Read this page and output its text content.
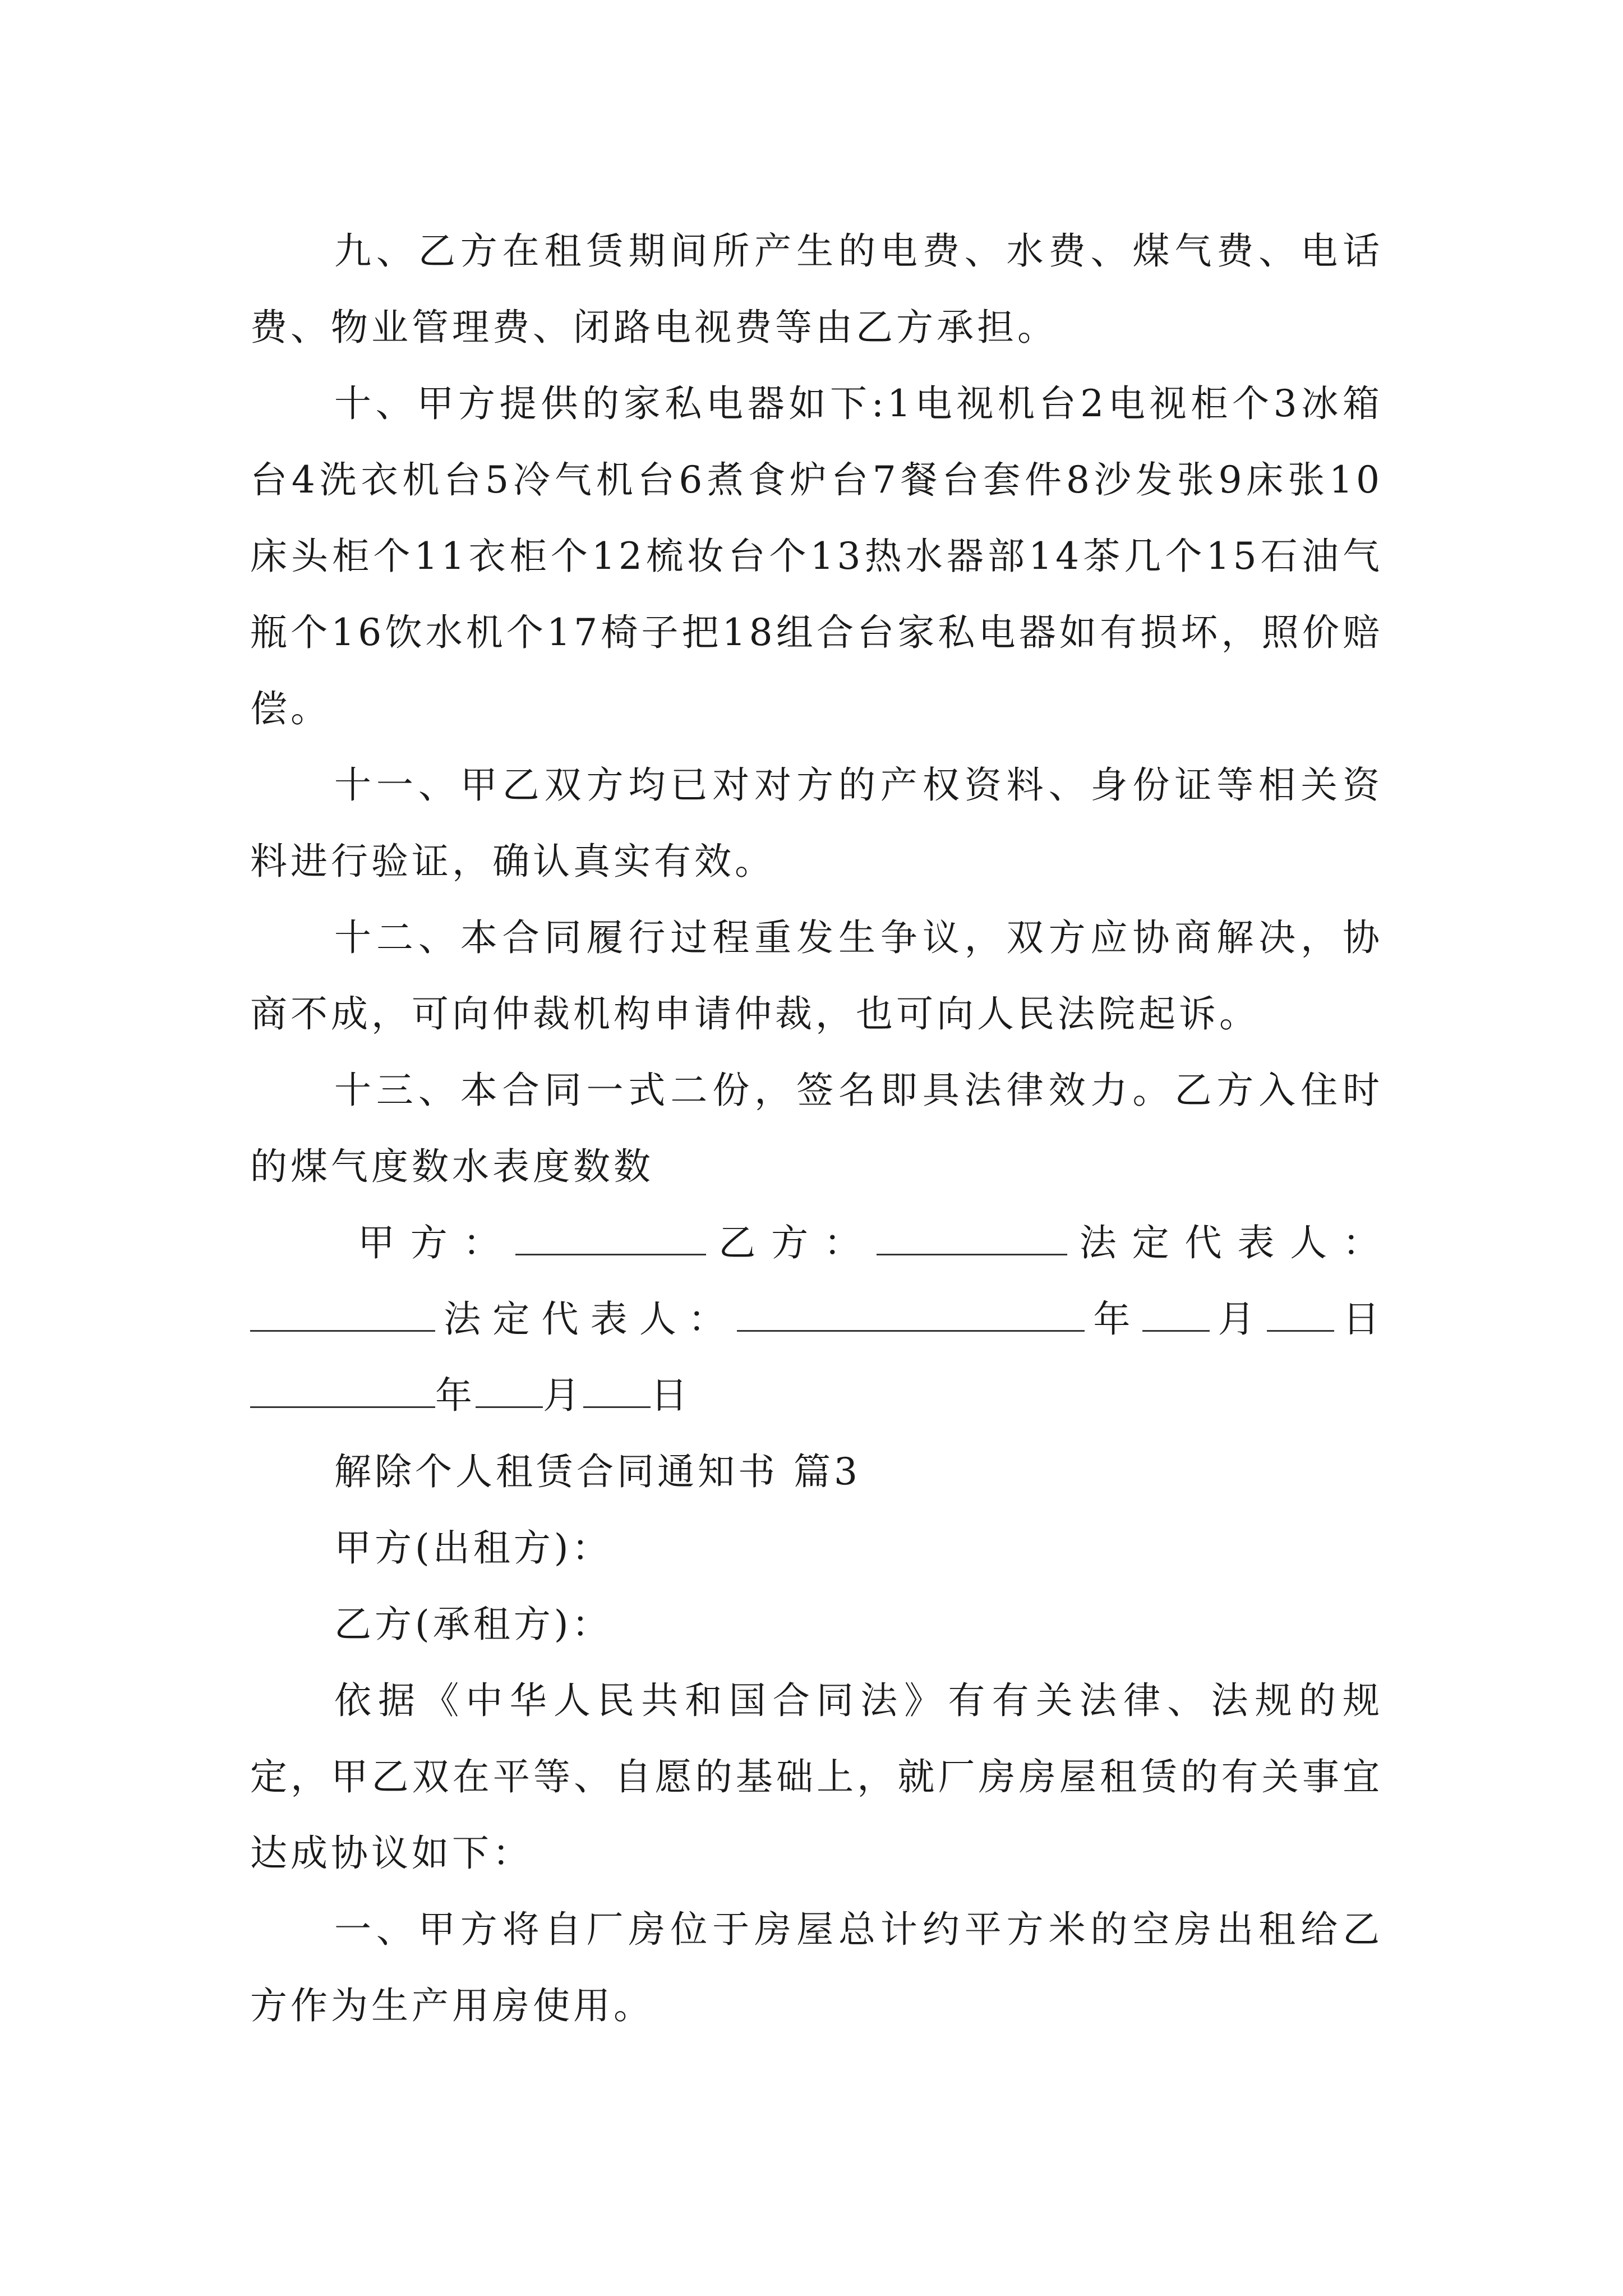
九、乙方在租赁期间所产生的电费、水费、煤气费、电话费、物业管理费、闭路电视费等由乙方承担。

十、甲方提供的家私电器如下:1电视机台2电视柜个3冰箱台4洗衣机台5冷气机台6煮食炉台7餐台套件8沙发张9床张10床头柜个11衣柜个12梳妆台个13热水器部14茶几个15石油气瓶个16饮水机个17椅子把18组合台家私电器如有损坏，照价赔偿。

十一、甲乙双方均已对对方的产权资料、身份证等相关资料进行验证，确认真实有效。

十二、本合同履行过程重发生争议，双方应协商解决，协商不成，可向仲裁机构申请仲裁，也可向人民法院起诉。

十三、本合同一式二份，签名即具法律效力。乙方入住时的煤气度数水表度数数

甲方：	乙方：	法定代表人：法定代表人：	年 月 日年 月 日

解除个人租赁合同通知书 篇3

甲方(出租方)：

乙方(承租方)：

依据《中华人民共和国合同法》有有关法律、法规的规定，甲乙双在平等、自愿的基础上，就厂房房屋租赁的有关事宜达成协议如下：

一、甲方将自厂房位于房屋总计约平方米的空房出租给乙方作为生产用房使用。
